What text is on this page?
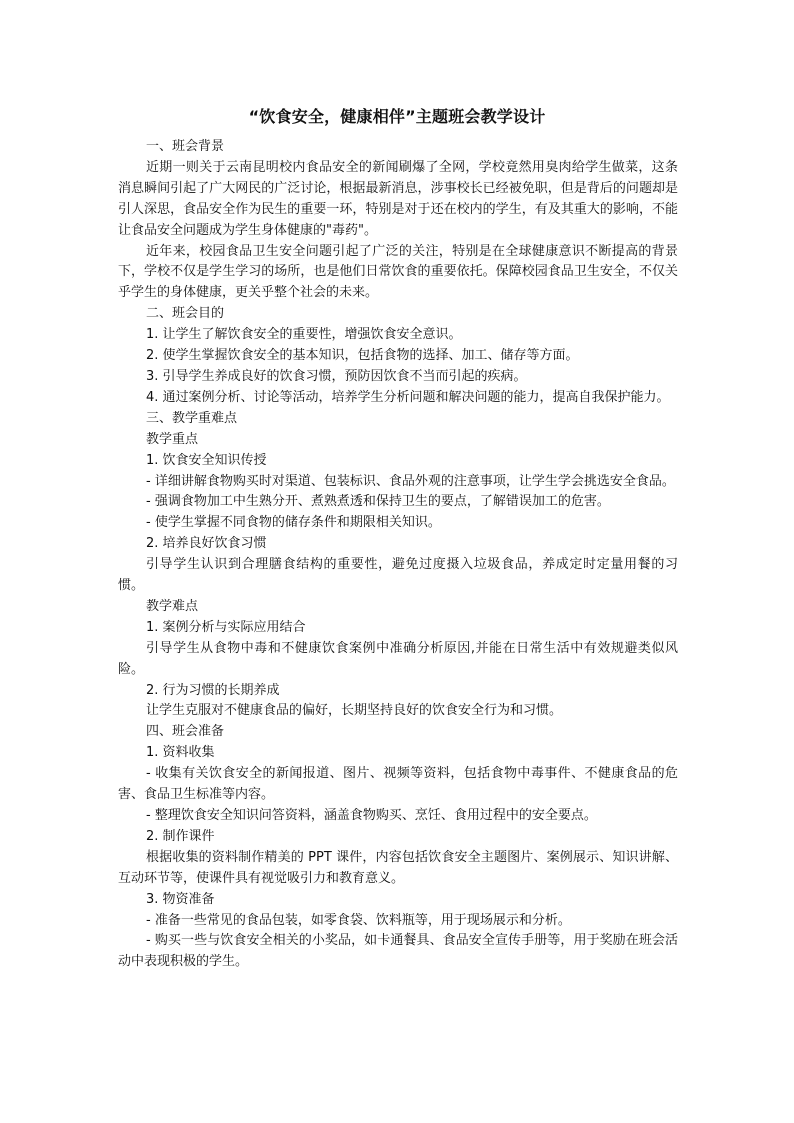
“饮食安全，健康相伴”主题班会教学设计

一、班会背景

近期一则关于云南昆明校内食品安全的新闻刷爆了全网，学校竟然用臭肉给学生做菜，这条消息瞬间引起了广大网民的广泛讨论，根据最新消息，涉事校长已经被免职，但是背后的问题却是引人深思，食品安全作为民生的重要一环，特别是对于还在校内的学生，有及其重大的影响，不能让食品安全问题成为学生身体健康的"毒药"。

近年来，校园食品卫生安全问题引起了广泛的关注，特别是在全球健康意识不断提高的背景下，学校不仅是学生学习的场所，也是他们日常饮食的重要依托。保障校园食品卫生安全，不仅关乎学生的身体健康，更关乎整个社会的未来。

二、班会目的

1. 让学生了解饮食安全的重要性，增强饮食安全意识。

2. 使学生掌握饮食安全的基本知识，包括食物的选择、加工、储存等方面。

3. 引导学生养成良好的饮食习惯，预防因饮食不当而引起的疾病。

4. 通过案例分析、讨论等活动，培养学生分析问题和解决问题的能力，提高自我保护能力。

三、教学重难点

教学重点

1. 饮食安全知识传授

- 详细讲解食物购买时对渠道、包装标识、食品外观的注意事项，让学生学会挑选安全食品。

- 强调食物加工中生熟分开、煮熟煮透和保持卫生的要点，了解错误加工的危害。

- 使学生掌握不同食物的储存条件和期限相关知识。

2. 培养良好饮食习惯

引导学生认识到合理膳食结构的重要性，避免过度摄入垃圾食品，养成定时定量用餐的习惯。

教学难点

1. 案例分析与实际应用结合

引导学生从食物中毒和不健康饮食案例中准确分析原因,并能在日常生活中有效规避类似风险。

2. 行为习惯的长期养成

让学生克服对不健康食品的偏好，长期坚持良好的饮食安全行为和习惯。

四、班会准备

1. 资料收集

- 收集有关饮食安全的新闻报道、图片、视频等资料，包括食物中毒事件、不健康食品的危害、食品卫生标准等内容。

- 整理饮食安全知识问答资料，涵盖食物购买、烹饪、食用过程中的安全要点。

2. 制作课件

根据收集的资料制作精美的 PPT 课件，内容包括饮食安全主题图片、案例展示、知识讲解、互动环节等，使课件具有视觉吸引力和教育意义。

3. 物资准备

- 准备一些常见的食品包装，如零食袋、饮料瓶等，用于现场展示和分析。

- 购买一些与饮食安全相关的小奖品，如卡通餐具、食品安全宣传手册等，用于奖励在班会活动中表现积极的学生。
